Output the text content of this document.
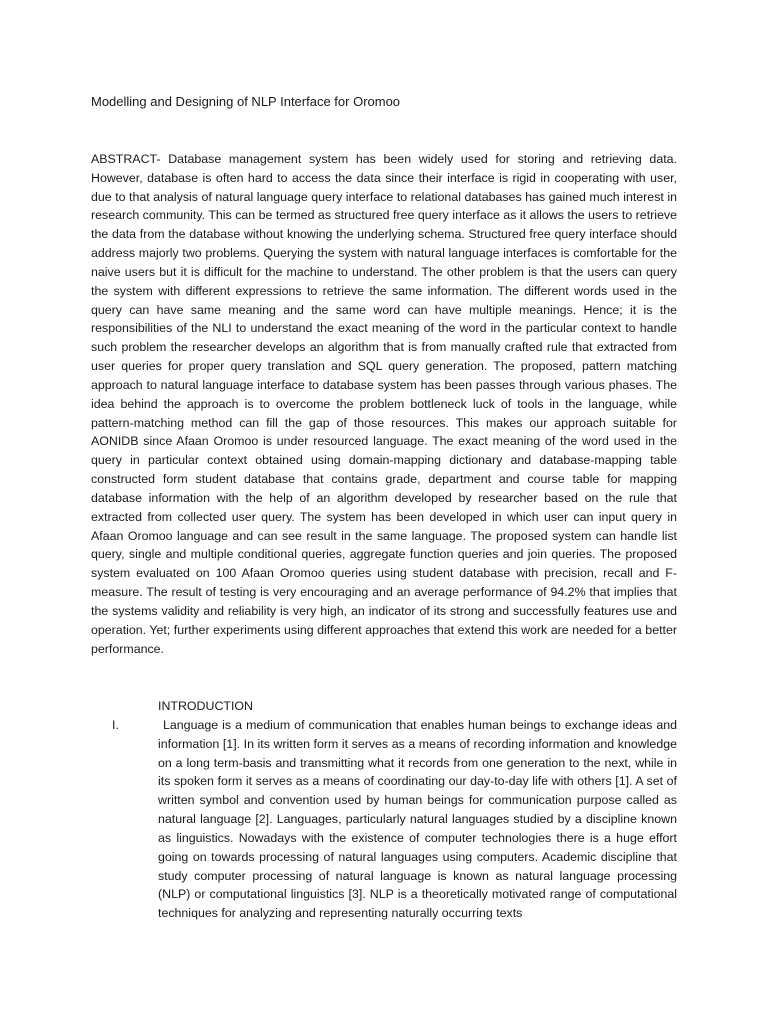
Modelling and Designing of NLP Interface for Oromoo

ABSTRACT- Database management system has been widely used for storing and retrieving data. However, database is often hard to access the data since their interface is rigid in cooperating with user, due to that analysis of natural language query interface to relational databases has gained much interest in research community. This can be termed as structured free query interface as it allows the users to retrieve the data from the database without knowing the underlying schema. Structured free query interface should address majorly two problems. Querying the system with natural language interfaces is comfortable for the naive users but it is difficult for the machine to understand. The other problem is that the users can query the system with different expressions to retrieve the same information. The different words used in the query can have same meaning and the same word can have multiple meanings. Hence; it is the responsibilities of the NLI to understand the exact meaning of the word in the particular context to handle such problem the researcher develops an algorithm that is from manually crafted rule that extracted from user queries for proper query translation and SQL query generation. The proposed, pattern matching approach to natural language interface to database system has been passes through various phases. The idea behind the approach is to overcome the problem bottleneck luck of tools in the language, while pattern-matching method can fill the gap of those resources. This makes our approach suitable for AONIDB since Afaan Oromoo is under resourced language. The exact meaning of the word used in the query in particular context obtained using domain-mapping dictionary and database-mapping table constructed form student database that contains grade, department and course table for mapping database information with the help of an algorithm developed by researcher based on the rule that extracted from collected user query. The system has been developed in which user can input query in Afaan Oromoo language and can see result in the same language. The proposed system can handle list query, single and multiple conditional queries, aggregate function queries and join queries. The proposed system evaluated on 100 Afaan Oromoo queries using student database with precision, recall and F-measure. The result of testing is very encouraging and an average performance of 94.2% that implies that the systems validity and reliability is very high, an indicator of its strong and successfully features use and operation. Yet; further experiments using different approaches that extend this work are needed for a better performance.

INTRODUCTION
I.	Language is a medium of communication that enables human beings to exchange ideas and information [1]. In its written form it serves as a means of recording information and knowledge on a long term-basis and transmitting what it records from one generation to the next, while in its spoken form it serves as a means of coordinating our day-to-day life with others [1]. A set of written symbol and convention used by human beings for communication purpose called as natural language [2]. Languages, particularly natural languages studied by a discipline known as linguistics. Nowadays with the existence of computer technologies there is a huge effort going on towards processing of natural languages using computers. Academic discipline that study computer processing of natural language is known as natural language processing (NLP) or computational linguistics [3]. NLP is a theoretically motivated range of computational techniques for analyzing and representing naturally occurring texts
